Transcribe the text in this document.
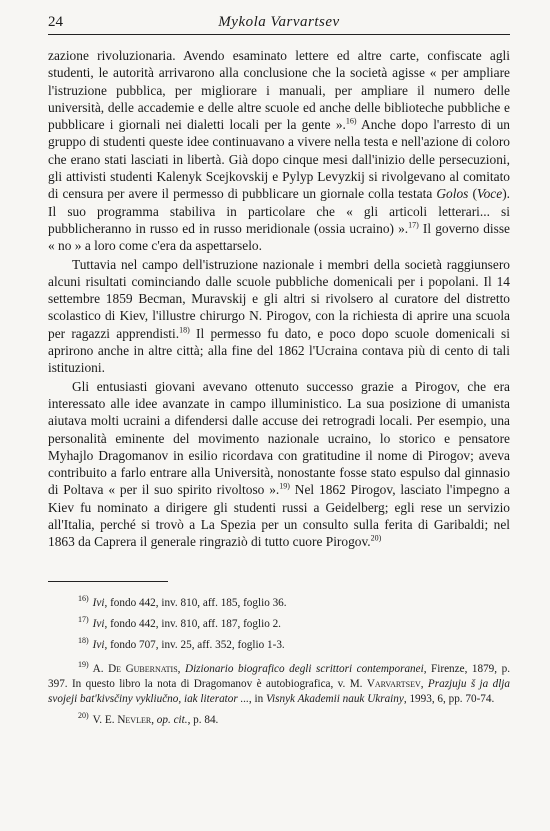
24	Mykola Varvartsev

zazione rivoluzionaria. Avendo esaminato lettere ed altre carte, confiscate agli studenti, le autorità arrivarono alla conclusione che la società agisse « per ampliare l'istruzione pubblica, per migliorare i manuali, per ampliare il numero delle università, delle accademie e delle altre scuole ed anche delle biblioteche pubbliche e pubblicare i giornali nei dialetti locali per la gente ».$^{16)}$ Anche dopo l'arresto di un gruppo di studenti queste idee continuavano a vivere nella testa e nell'azione di coloro che erano stati lasciati in libertà. Già dopo cinque mesi dall'inizio delle persecuzioni, gli attivisti studenti Kalenyk Scejkovskij e Pylyp Levyzkij si rivolgevano al comitato di censura per avere il permesso di pubblicare un giornale colla testata Golos (Voce). Il suo programma stabiliva in particolare che « gli articoli letterari... si pubblicheranno in russo ed in russo meridionale (ossia ucraino) ».$^{17)}$ Il governo disse « no » a loro come c'era da aspettarselo.

Tuttavia nel campo dell'istruzione nazionale i membri della società raggiunsero alcuni risultati cominciando dalle scuole pubbliche domenicali per i popolani. Il 14 settembre 1859 Becman, Muravskij e gli altri si rivolsero al curatore del distretto scolastico di Kiev, l'illustre chirurgo N. Pirogov, con la richiesta di aprire una scuola per ragazzi apprendisti.$^{18)}$ Il permesso fu dato, e poco dopo scuole domenicali si aprirono anche in altre città; alla fine del 1862 l'Ucraina contava più di cento di tali istituzioni.

Gli entusiasti giovani avevano ottenuto successo grazie a Pirogov, che era interessato alle idee avanzate in campo illuministico. La sua posizione di umanista aiutava molti ucraini a difendersi dalle accuse dei retrogradi locali. Per esempio, una personalità eminente del movimento nazionale ucraino, lo storico e pensatore Myhajlo Dragomanov in esilio ricordava con gratitudine il nome di Pirogov; aveva contribuito a farlo entrare alla Università, nonostante fosse stato espulso dal ginnasio di Poltava « per il suo spirito rivoltoso ».$^{19)}$ Nel 1862 Pirogov, lasciato l'impegno a Kiev fu nominato a dirigere gli studenti russi a Geidelberg; egli rese un servizio all'Italia, perché si trovò a La Spezia per un consulto sulla ferita di Garibaldi; nel 1863 da Caprera il generale ringraziò di tutto cuore Pirogov.$^{20)}$

$^{16)}$ Ivi, fondo 442, inv. 810, aff. 185, foglio 36.
$^{17)}$ Ivi, fondo 442, inv. 810, aff. 187, foglio 2.
$^{18)}$ Ivi, fondo 707, inv. 25, aff. 352, foglio 1-3.
$^{19)}$ A. De Gubernatis, Dizionario biografico degli scrittori contemporanei, Firenze, 1879, p. 397. In questo libro la nota di Dragomanov è autobiografica, v. M. Varvartsev, Prazjuju š ja dlja svojeji bat'kivsčiny vykliučno, iak literator ..., in Visnyk Akademii nauk Ukrainy, 1993, 6, pp. 70-74.
$^{20)}$ V. E. Nevler, op. cit., p. 84.
